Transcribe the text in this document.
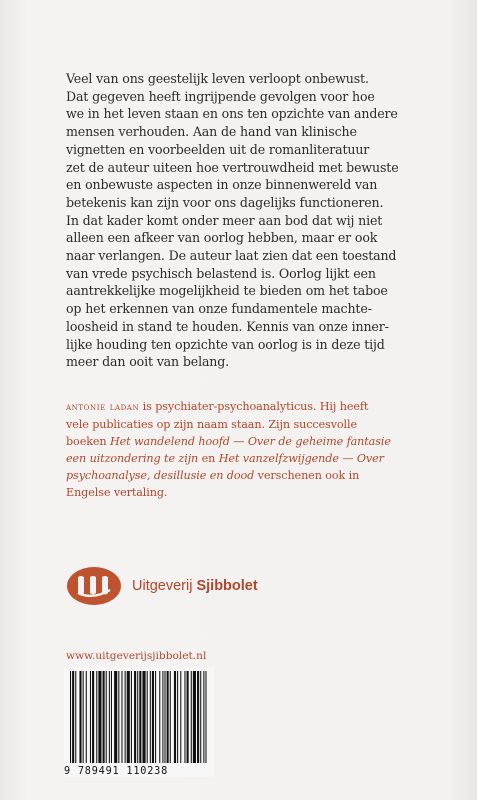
Veel van ons geestelijk leven verloopt onbewust.
Dat gegeven heeft ingrijpende gevolgen voor hoe
we in het leven staan en ons ten opzichte van andere
mensen verhouden. Aan de hand van klinische
vignetten en voorbeelden uit de romanliteratuur
zet de auteur uiteen hoe vertrouwdheid met bewuste
en onbewuste aspecten in onze binnenwereld van
betekenis kan zijn voor ons dagelijks functioneren.
In dat kader komt onder meer aan bod dat wij niet
alleen een afkeer van oorlog hebben, maar er ook
naar verlangen. De auteur laat zien dat een toestand
van vrede psychisch belastend is. Oorlog lijkt een
aantrekkelijke mogelijkheid te bieden om het taboe
op het erkennen van onze fundamentele machte-
loosheid in stand te houden. Kennis van onze inner-
lijke houding ten opzichte van oorlog is in deze tijd
meer dan ooit van belang.
antonie ladan is psychiater-psychoanalyticus. Hij heeft
vele publicaties op zijn naam staan. Zijn succesvolle
boeken Het wandelend hoofd — Over de geheime fantasie
een uitzondering te zijn en Het vanzelfzwijgende — Over
psychoanalyse, desillusie en dood verschenen ook in
Engelse vertaling.
Uitgeverij Sjibbolet
www.uitgeverijsjibbolet.nl
9 789491 110238
